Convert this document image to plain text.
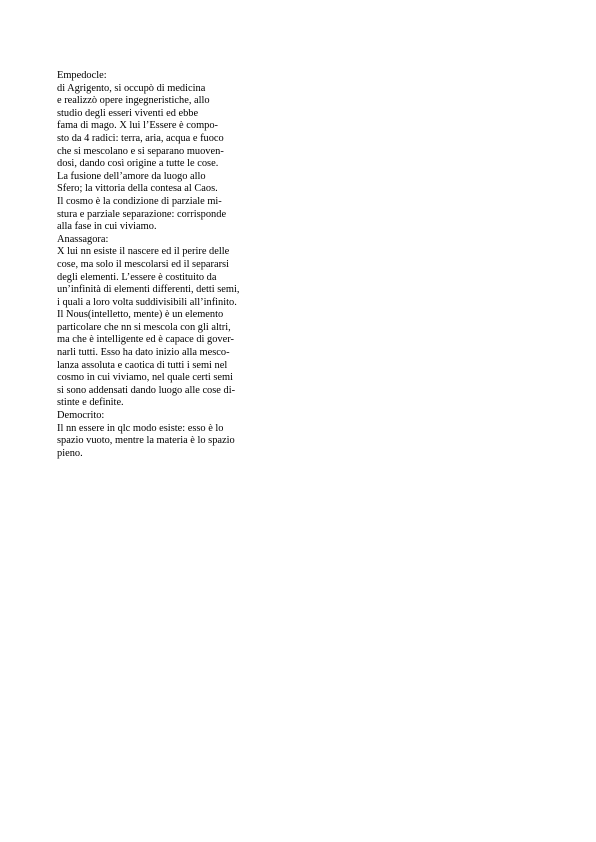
Empedocle:
di Agrigento, si occupò di medicina
e realizzò opere ingegneristiche, allo
studio degli esseri viventi ed ebbe
fama di mago. X lui l’Essere è compo-
sto da 4 radici: terra, aria, acqua e fuoco
che si mescolano e si separano muoven-
dosi, dando così origine a tutte le cose.
La fusione dell’amore da luogo allo
Sfero; la vittoria della contesa al Caos.
Il cosmo è la condizione di parziale mi-
stura e parziale separazione: corrisponde
alla fase in cui viviamo.
Anassagora:
X lui nn esiste il nascere ed il perire delle
cose, ma solo il mescolarsi ed il separarsi
degli elementi. L’essere è costituito da
un’infinità di elementi differenti, detti semi,
i quali a loro volta suddivisibili all’infinito.
Il Nous(intelletto, mente) è un elemento
particolare che nn si mescola con gli altri,
ma che è intelligente ed è capace di gover-
narli tutti. Esso ha dato inizio alla mesco-
lanza assoluta e caotica di tutti i semi nel
cosmo in cui viviamo, nel quale certi semi
si sono addensati dando luogo alle cose di-
stinte e definite.
Democrito:
Il nn essere in qlc modo esiste: esso è lo
spazio vuoto, mentre la materia è lo spazio
pieno.
